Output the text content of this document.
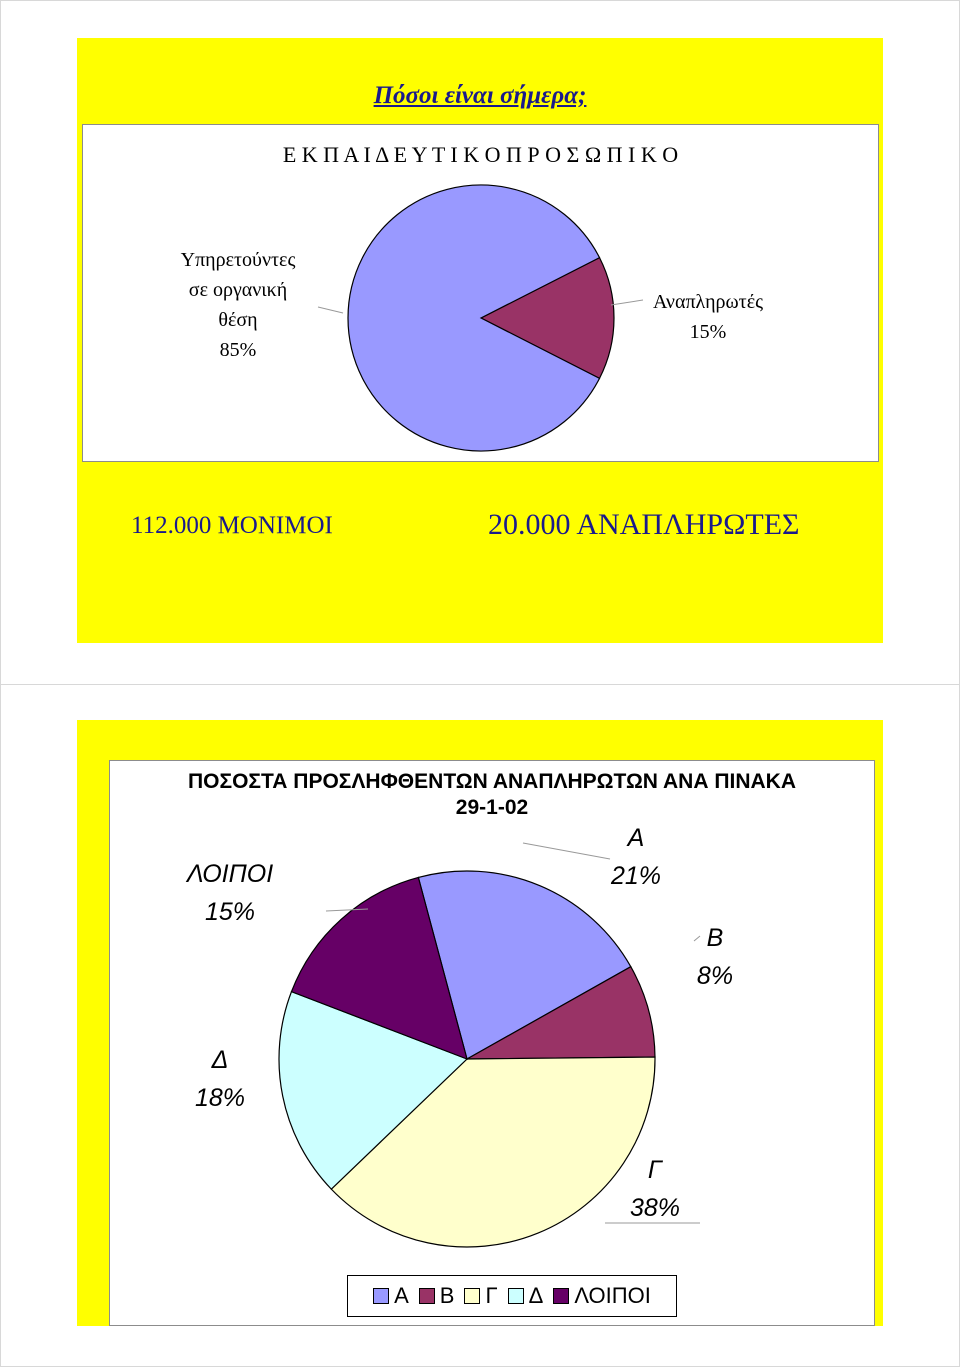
Πόσοι είναι σήμερα;
Ε Κ Π Α Ι Δ Ε Υ Τ Ι Κ Ο Π Ρ Ο Σ Ω Π Ι Κ Ο
Υπηρετούντες
σε οργανική
θέση
85%
Αναπληρωτές
15%
112.000 ΜΟΝΙΜΟΙ	20.000 ΑΝΑΠΛΗΡΩΤΕΣ
ΠΟΣΟΣΤΑ ΠΡΟΣΛΗΦΘΕΝΤΩΝ ΑΝΑΠΛΗΡΩΤΩΝ ΑΝΑ ΠΙΝΑΚΑ
29-1-02
Α
21%
Β
8%
Γ
38%
Δ
18%
ΛΟΙΠΟΙ
15%
Α Β Γ Δ ΛΟΙΠΟΙ
